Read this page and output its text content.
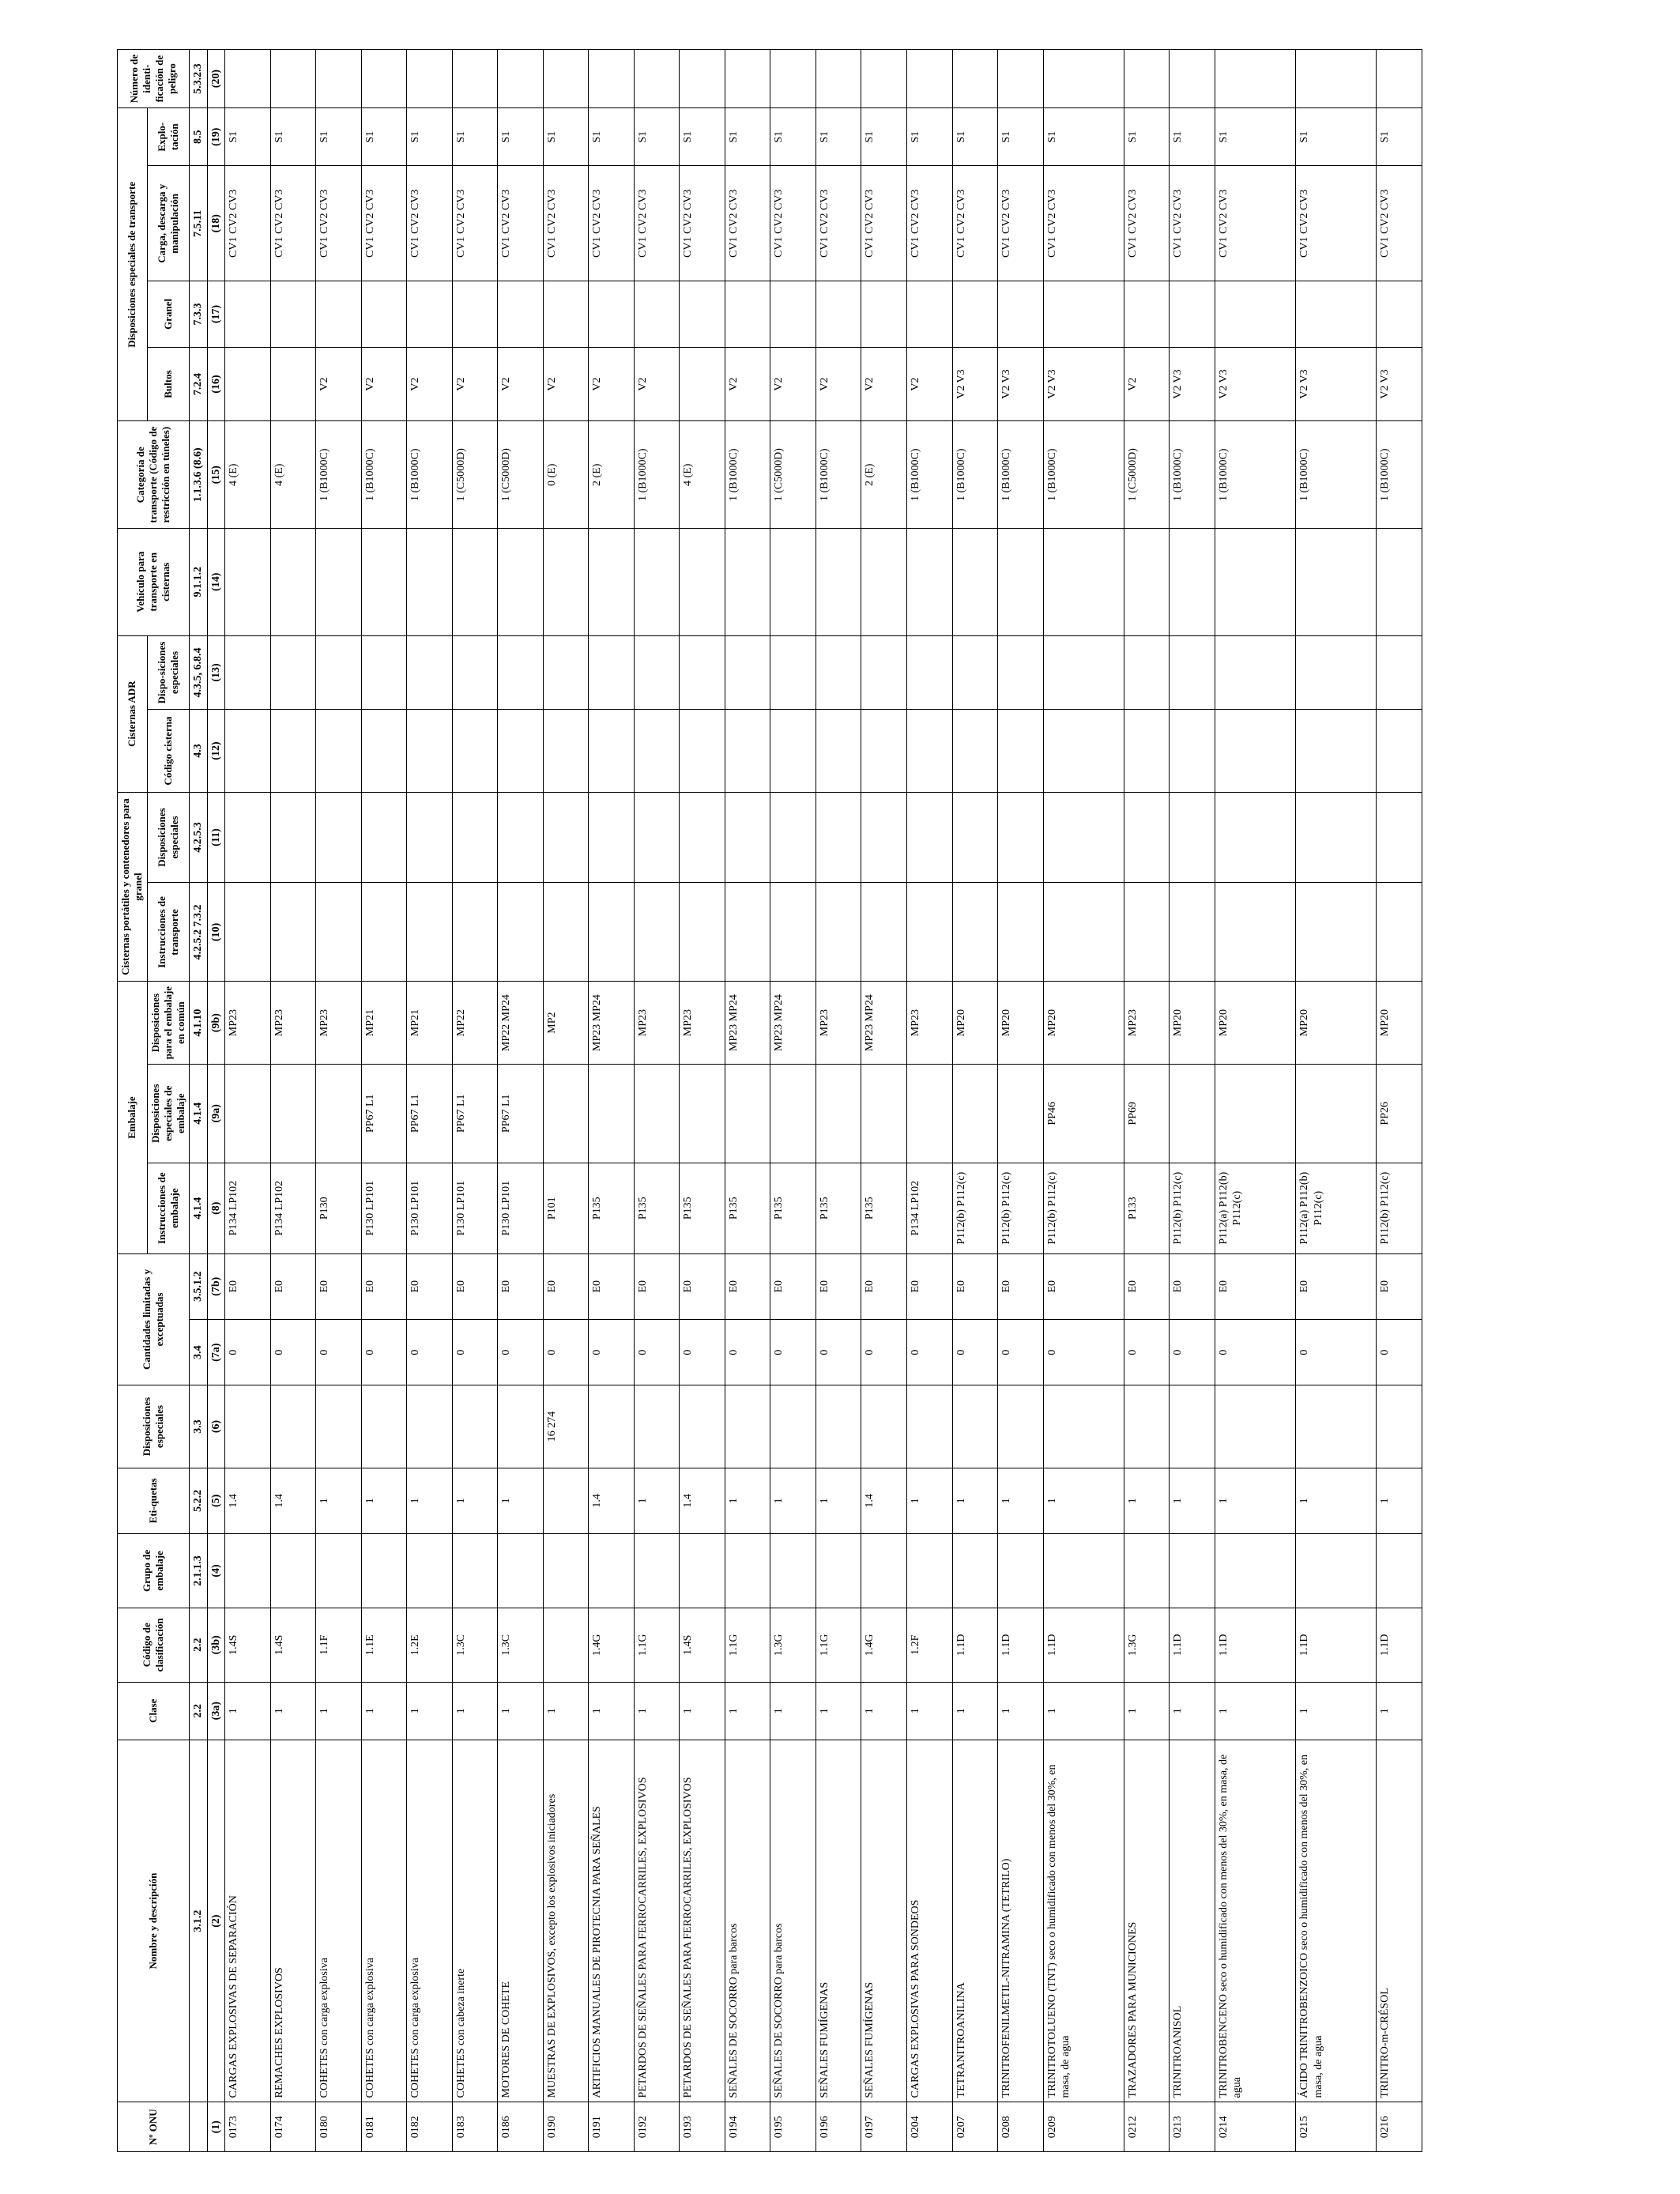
Nº ONU	Nombre y descripción	Clase	Código de clasificación	Grupo de embalaje	Eti-quetas	Disposiciones especiales	Cantidades limitadas y exceptuadas		Embalaje			Cisternas portátiles y contenedores para granel		Cisternas ADR		Vehículo para transporte en cisternas	Categoría de transporte (Código de restricción en túneles)	Disposiciones especiales de transporte				Número de identi-ficación de peligro
									Instrucciones de embalaje	Disposiciones especiales de embalaje	Disposiciones para el embalaje en común	Instrucciones de transporte	Disposiciones especiales	Código cisterna	Dispo-siciones especiales			Bultos	Granel	Carga, descarga y manipulación	Explo-tación	
	3.1.2	2.2	2.2	2.1.1.3	5.2.2	3.3	3.4	3.5.1.2	4.1.4	4.1.4	4.1.10	4.2.5.2 7.3.2	4.2.5.3	4.3	4.3.5, 6.8.4	9.1.1.2	1.1.3.6 (8.6)	7.2.4	7.3.3	7.5.11	8.5	5.3.2.3
(1)	(2)	(3a)	(3b)	(4)	(5)	(6)	(7a)	(7b)	(8)	(9a)	(9b)	(10)	(11)	(12)	(13)	(14)	(15)	(16)	(17)	(18)	(19)	(20)
0173	CARGAS EXPLOSIVAS DE SEPARACIÓN	1	1.4S		1.4		0	E0	P134 LP102		MP23						4 (E)			CV1 CV2 CV3	S1	
0174	REMACHES EXPLOSIVOS	1	1.4S		1.4		0	E0	P134 LP102		MP23						4 (E)			CV1 CV2 CV3	S1	
0180	COHETES con carga explosiva	1	1.1F		1		0	E0	P130		MP23						1 (B1000C)	V2		CV1 CV2 CV3	S1	
0181	COHETES con carga explosiva	1	1.1E		1		0	E0	P130 LP101	PP67 L1	MP21						1 (B1000C)	V2		CV1 CV2 CV3	S1	
0182	COHETES con carga explosiva	1	1.2E		1		0	E0	P130 LP101	PP67 L1	MP21						1 (B1000C)	V2		CV1 CV2 CV3	S1	
0183	COHETES con cabeza inerte	1	1.3C		1		0	E0	P130 LP101	PP67 L1	MP22						1 (C5000D)	V2		CV1 CV2 CV3	S1	
0186	MOTORES DE COHETE	1	1.3C		1		0	E0	P130 LP101	PP67 L1	MP22 MP24						1 (C5000D)	V2		CV1 CV2 CV3	S1	
0190	MUESTRAS DE EXPLOSIVOS, excepto los explosivos iniciadores	1				16 274	0	E0	P101		MP2						0 (E)	V2		CV1 CV2 CV3	S1	
0191	ARTIFICIOS MANUALES DE PIROTECNIA PARA SEÑALES	1	1.4G		1.4		0	E0	P135		MP23 MP24						2 (E)	V2		CV1 CV2 CV3	S1	
0192	PETARDOS DE SEÑALES PARA FERROCARRILES, EXPLOSIVOS	1	1.1G		1		0	E0	P135		MP23						1 (B1000C)	V2		CV1 CV2 CV3	S1	
0193	PETARDOS DE SEÑALES PARA FERROCARRILES, EXPLOSIVOS	1	1.4S		1.4		0	E0	P135		MP23						4 (E)			CV1 CV2 CV3	S1	
0194	SEÑALES DE SOCORRO para barcos	1	1.1G		1		0	E0	P135		MP23 MP24						1 (B1000C)	V2		CV1 CV2 CV3	S1	
0195	SEÑALES DE SOCORRO para barcos	1	1.3G		1		0	E0	P135		MP23 MP24						1 (C5000D)	V2		CV1 CV2 CV3	S1	
0196	SEÑALES FUMÍGENAS	1	1.1G		1		0	E0	P135		MP23						1 (B1000C)	V2		CV1 CV2 CV3	S1	
0197	SEÑALES FUMÍGENAS	1	1.4G		1.4		0	E0	P135		MP23 MP24						2 (E)	V2		CV1 CV2 CV3	S1	
0204	CARGAS EXPLOSIVAS PARA SONDEOS	1	1.2F		1		0	E0	P134 LP102		MP23						1 (B1000C)	V2		CV1 CV2 CV3	S1	
0207	TETRANITROANILINA	1	1.1D		1		0	E0	P112(b) P112(c)		MP20						1 (B1000C)	V2 V3		CV1 CV2 CV3	S1	
0208	TRINITROFENILMETIL-NITRAMINA (TETRILO)	1	1.1D		1		0	E0	P112(b) P112(c)		MP20						1 (B1000C)	V2 V3		CV1 CV2 CV3	S1	
0209	TRINITROTOLUENO (TNT) seco o humidificado con menos del 30%, en masa, de agua	1	1.1D		1		0	E0	P112(b) P112(c)	PP46	MP20						1 (B1000C)	V2 V3		CV1 CV2 CV3	S1	
0212	TRAZADORES PARA MUNICIONES	1	1.3G		1		0	E0	P133	PP69	MP23						1 (C5000D)	V2		CV1 CV2 CV3	S1	
0213	TRINITROANISOL	1	1.1D		1		0	E0	P112(b) P112(c)		MP20						1 (B1000C)	V2 V3		CV1 CV2 CV3	S1	
0214	TRINITROBENCENO seco o humidificado con menos del 30%, en masa, de agua	1	1.1D		1		0	E0	P112(a) P112(b) P112(c)		MP20						1 (B1000C)	V2 V3		CV1 CV2 CV3	S1	
0215	ÁCIDO TRINITROBENZOICO seco o humidificado con menos del 30%, en masa, de agua	1	1.1D		1		0	E0	P112(a) P112(b) P112(c)		MP20						1 (B1000C)	V2 V3		CV1 CV2 CV3	S1	
0216	TRINITRO-m-CRÉSOL	1	1.1D		1		0	E0	P112(b) P112(c)	PP26	MP20						1 (B1000C)	V2 V3		CV1 CV2 CV3	S1	
